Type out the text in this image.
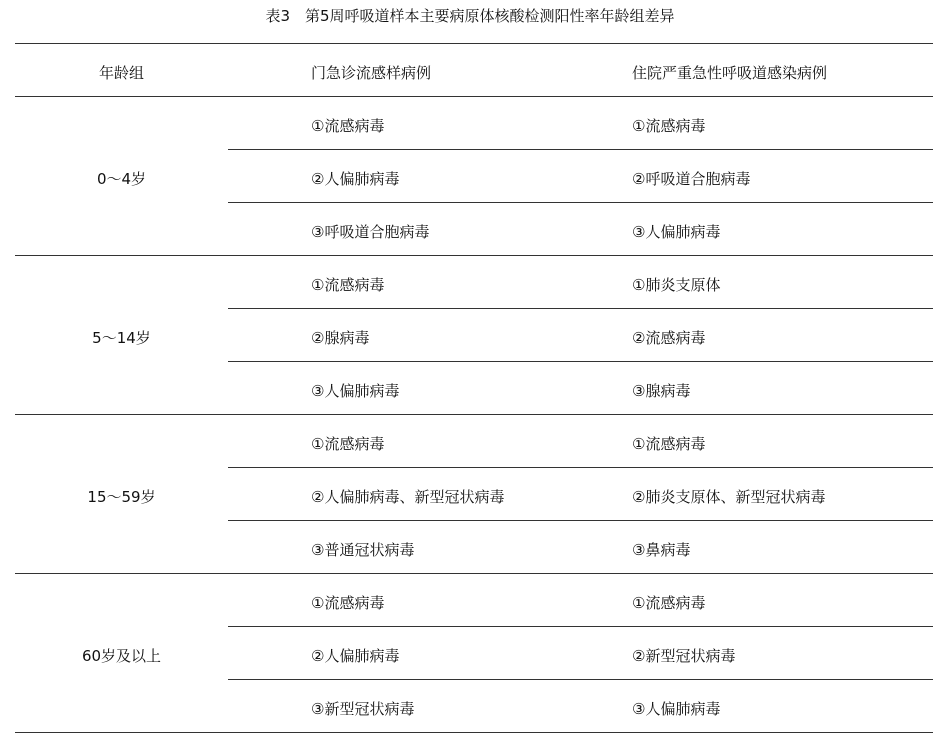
表3　第5周呼吸道样本主要病原体核酸检测阳性率年龄组差异
年龄组	门急诊流感样病例	住院严重急性呼吸道感染病例
0～4岁
①流感病毒	①流感病毒
②人偏肺病毒	②呼吸道合胞病毒
③呼吸道合胞病毒	③人偏肺病毒
5～14岁
①流感病毒	①肺炎支原体
②腺病毒	②流感病毒
③人偏肺病毒	③腺病毒
15～59岁
①流感病毒	①流感病毒
②人偏肺病毒、新型冠状病毒	②肺炎支原体、新型冠状病毒
③普通冠状病毒	③鼻病毒
60岁及以上
①流感病毒	①流感病毒
②人偏肺病毒	②新型冠状病毒
③新型冠状病毒	③人偏肺病毒
